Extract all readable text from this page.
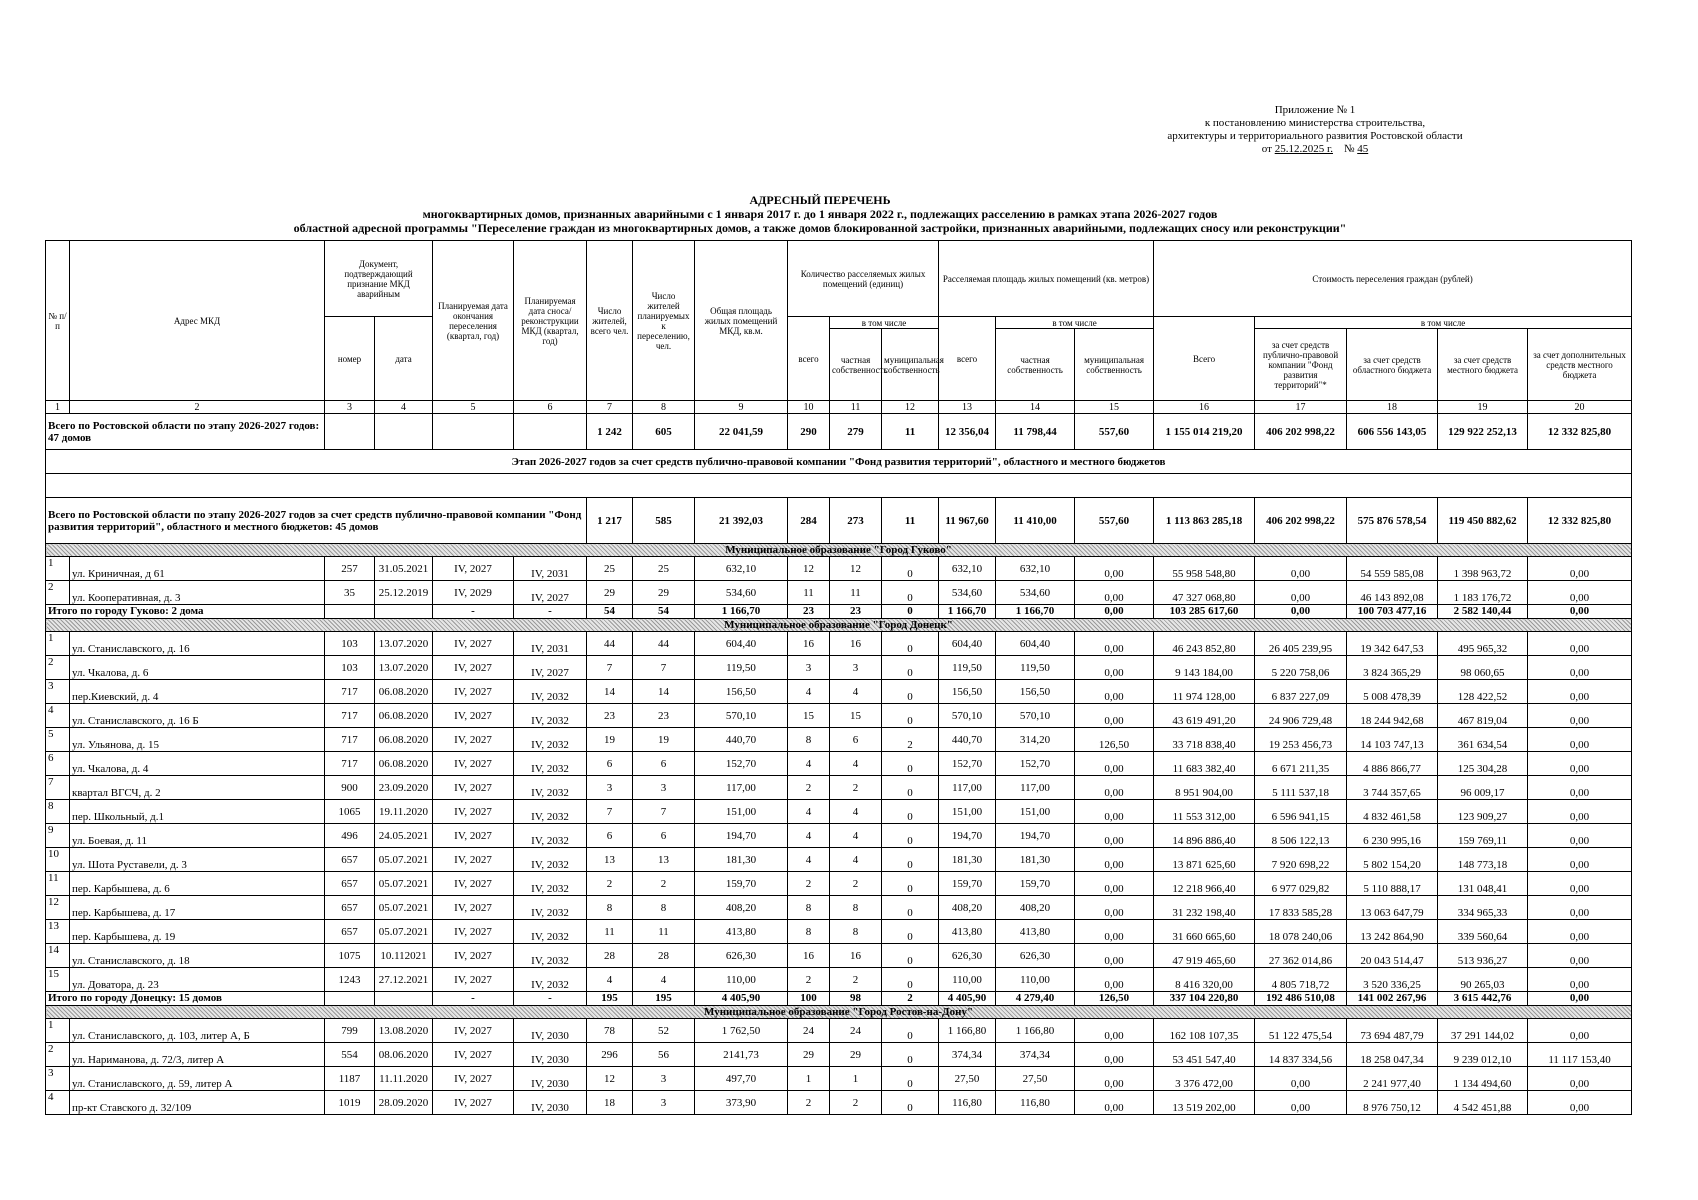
Приложение № 1
к постановлению министерства строительства,
архитектуры и территориального развития Ростовской области
от 25.12.2025 г. № 45
АДРЕСНЫЙ ПЕРЕЧЕНЬ
многоквартирных домов, признанных аварийными с 1 января 2017 г. до 1 января 2022 г., подлежащих расселению в рамках этапа 2026-2027 годов
областной адресной программы "Переселение граждан из многоквартирных домов, а также домов блокированной застройки, признанных аварийными, подлежащих сносу или реконструкции"
№ п/п	Адрес МКД	Документ, подтверждающий признание МКД аварийным		Планируемая дата окончания переселения (квартал, год)	Планируемая дата сноса/реконструкции МКД (квартал, год)	Число жителей, всего чел.	Число жителей планируемых к переселению, чел.	Общая площадь жилых помещений МКД, кв.м.	Количество расселяемых жилых помещений (единиц)			Расселяемая площадь жилых помещений (кв. метров)			Стоимость переселения граждан (рублей)				
		номер	дата						всего	в том числе		всего	в том числе		Всего	в том числе			
										частная собственность	муниципальная собственность		частная собственность	муниципальная собственность		за счет средств публично-правовой компании "Фонд развития территорий"*	за счет средств областного бюджета	за счет средств местного бюджета	за счет дополнительных средств местного бюджета
1	2	3	4	5	6	7	8	9	10	11	12	13	14	15	16	17	18	19	20
Всего по Ростовской области по этапу 2026-2027 годов: 47 домов						1 242	605	22 041,59	290	279	11	12 356,04	11 798,44	557,60	1 155 014 219,20	406 202 998,22	606 556 143,05	129 922 252,13	12 332 825,80
Этап 2026-2027 годов за счет средств публично-правовой компании "Фонд развития территорий", областного и местного бюджетов																			

Всего по Ростовской области по этапу 2026-2027 годов за счет средств публично-правовой компании "Фонд развития территорий", областного и местного бюджетов: 45 домов						1 217	585	21 392,03	284	273	11	11 967,60	11 410,00	557,60	1 113 863 285,18	406 202 998,22	575 876 578,54	119 450 882,62	12 332 825,80
Муниципальное образование "Город Гуково"																			
1	ул. Криничная, д 61	257	31.05.2021	IV, 2027	IV, 2031	25	25	632,10	12	12	0	632,10	632,10	0,00	55 958 548,80	0,00	54 559 585,08	1 398 963,72	0,00
2	ул. Кооперативная, д. 3	35	25.12.2019	IV, 2029	IV, 2027	29	29	534,60	11	11	0	534,60	534,60	0,00	47 327 068,80	0,00	46 143 892,08	1 183 176,72	0,00
Итого по городу Гуково: 2 дома				-	-	54	54	1 166,70	23	23	0	1 166,70	1 166,70	0,00	103 285 617,60	0,00	100 703 477,16	2 582 140,44	0,00
Муниципальное образование "Город Донецк"																			
1	ул. Станиславского, д. 16	103	13.07.2020	IV, 2027	IV, 2031	44	44	604,40	16	16	0	604,40	604,40	0,00	46 243 852,80	26 405 239,95	19 342 647,53	495 965,32	0,00
2	ул. Чкалова, д. 6	103	13.07.2020	IV, 2027	IV, 2027	7	7	119,50	3	3	0	119,50	119,50	0,00	9 143 184,00	5 220 758,06	3 824 365,29	98 060,65	0,00
3	пер.Киевский, д. 4	717	06.08.2020	IV, 2027	IV, 2032	14	14	156,50	4	4	0	156,50	156,50	0,00	11 974 128,00	6 837 227,09	5 008 478,39	128 422,52	0,00
4	ул. Станиславского, д. 16 Б	717	06.08.2020	IV, 2027	IV, 2032	23	23	570,10	15	15	0	570,10	570,10	0,00	43 619 491,20	24 906 729,48	18 244 942,68	467 819,04	0,00
5	ул. Ульянова, д. 15	717	06.08.2020	IV, 2027	IV, 2032	19	19	440,70	8	6	2	440,70	314,20	126,50	33 718 838,40	19 253 456,73	14 103 747,13	361 634,54	0,00
6	ул. Чкалова, д. 4	717	06.08.2020	IV, 2027	IV, 2032	6	6	152,70	4	4	0	152,70	152,70	0,00	11 683 382,40	6 671 211,35	4 886 866,77	125 304,28	0,00
7	квартал ВГСЧ, д. 2	900	23.09.2020	IV, 2027	IV, 2032	3	3	117,00	2	2	0	117,00	117,00	0,00	8 951 904,00	5 111 537,18	3 744 357,65	96 009,17	0,00
8	пер. Школьный, д.1	1065	19.11.2020	IV, 2027	IV, 2032	7	7	151,00	4	4	0	151,00	151,00	0,00	11 553 312,00	6 596 941,15	4 832 461,58	123 909,27	0,00
9	ул. Боевая, д. 11	496	24.05.2021	IV, 2027	IV, 2032	6	6	194,70	4	4	0	194,70	194,70	0,00	14 896 886,40	8 506 122,13	6 230 995,16	159 769,11	0,00
10	ул. Шота Руставели, д. 3	657	05.07.2021	IV, 2027	IV, 2032	13	13	181,30	4	4	0	181,30	181,30	0,00	13 871 625,60	7 920 698,22	5 802 154,20	148 773,18	0,00
11	пер. Карбышева, д. 6	657	05.07.2021	IV, 2027	IV, 2032	2	2	159,70	2	2	0	159,70	159,70	0,00	12 218 966,40	6 977 029,82	5 110 888,17	131 048,41	0,00
12	пер. Карбышева, д. 17	657	05.07.2021	IV, 2027	IV, 2032	8	8	408,20	8	8	0	408,20	408,20	0,00	31 232 198,40	17 833 585,28	13 063 647,79	334 965,33	0,00
13	пер. Карбышева, д. 19	657	05.07.2021	IV, 2027	IV, 2032	11	11	413,80	8	8	0	413,80	413,80	0,00	31 660 665,60	18 078 240,06	13 242 864,90	339 560,64	0,00
14	ул. Станиславского, д. 18	1075	10.112021	IV, 2027	IV, 2032	28	28	626,30	16	16	0	626,30	626,30	0,00	47 919 465,60	27 362 014,86	20 043 514,47	513 936,27	0,00
15	ул. Доватора, д. 23	1243	27.12.2021	IV, 2027	IV, 2032	4	4	110,00	2	2	0	110,00	110,00	0,00	8 416 320,00	4 805 718,72	3 520 336,25	90 265,03	0,00
Итого по городу Донецку: 15 домов				-	-	195	195	4 405,90	100	98	2	4 405,90	4 279,40	126,50	337 104 220,80	192 486 510,08	141 002 267,96	3 615 442,76	0,00
Муниципальное образование "Город Ростов-на-Дону"																			
1	ул. Станиславского, д. 103, литер А, Б	799	13.08.2020	IV, 2027	IV, 2030	78	52	1 762,50	24	24	0	1 166,80	1 166,80	0,00	162 108 107,35	51 122 475,54	73 694 487,79	37 291 144,02	0,00
2	ул. Нариманова, д. 72/3, литер А	554	08.06.2020	IV, 2027	IV, 2030	296	56	2141,73	29	29	0	374,34	374,34	0,00	53 451 547,40	14 837 334,56	18 258 047,34	9 239 012,10	11 117 153,40
3	ул. Станиславского, д. 59, литер А	1187	11.11.2020	IV, 2027	IV, 2030	12	3	497,70	1	1	0	27,50	27,50	0,00	3 376 472,00	0,00	2 241 977,40	1 134 494,60	0,00
4	пр-кт Ставского д. 32/109	1019	28.09.2020	IV, 2027	IV, 2030	18	3	373,90	2	2	0	116,80	116,80	0,00	13 519 202,00	0,00	8 976 750,12	4 542 451,88	0,00
